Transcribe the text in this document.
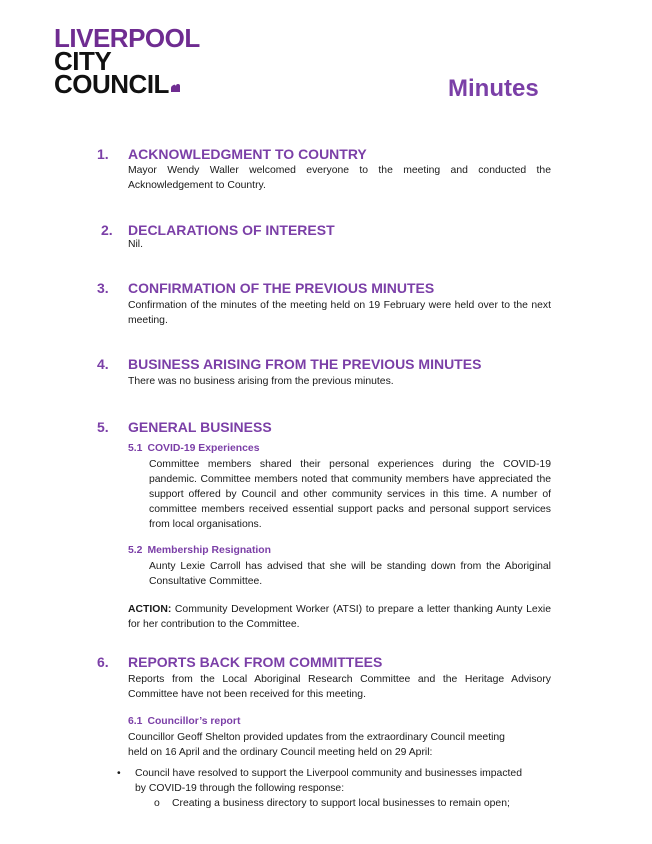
LIVERPOOL
CITY
COUNCIL	Minutes
1. ACKNOWLEDGMENT TO COUNTRY
Mayor Wendy Waller welcomed everyone to the meeting and conducted the Acknowledgement to Country.
2. DECLARATIONS OF INTEREST
Nil.
3. CONFIRMATION OF THE PREVIOUS MINUTES
Confirmation of the minutes of the meeting held on 19 February were held over to the next meeting.
4. BUSINESS ARISING FROM THE PREVIOUS MINUTES
There was no business arising from the previous minutes.
5. GENERAL BUSINESS
5.1 COVID-19 Experiences
Committee members shared their personal experiences during the COVID-19 pandemic. Committee members noted that community members have appreciated the support offered by Council and other community services in this time. A number of committee members received essential support packs and personal support services from local organisations.
5.2 Membership Resignation
Aunty Lexie Carroll has advised that she will be standing down from the Aboriginal Consultative Committee.
ACTION: Community Development Worker (ATSI) to prepare a letter thanking Aunty Lexie for her contribution to the Committee.
6. REPORTS BACK FROM COMMITTEES
Reports from the Local Aboriginal Research Committee and the Heritage Advisory Committee have not been received for this meeting.
6.1 Councillor’s report
Councillor Geoff Shelton provided updates from the extraordinary Council meeting
held on 16 April and the ordinary Council meeting held on 29 April:
• Council have resolved to support the Liverpool community and businesses impacted
by COVID-19 through the following response:
o Creating a business directory to support local businesses to remain open;
